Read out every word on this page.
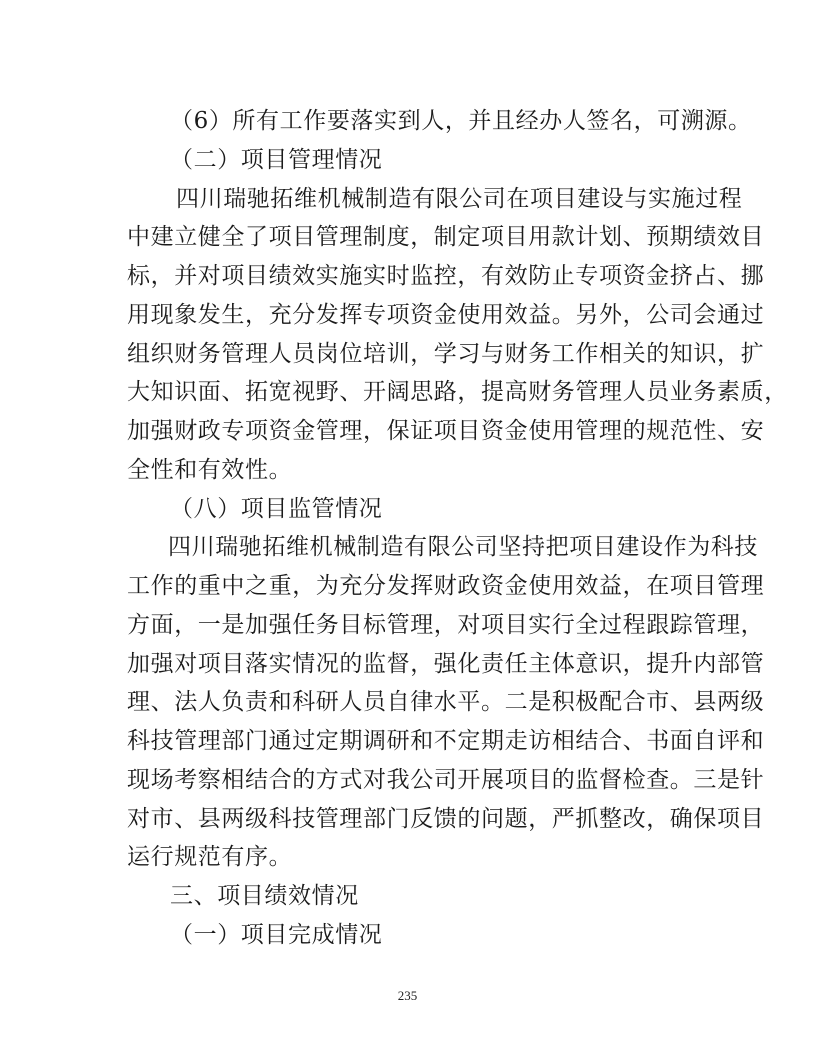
（6）所有工作要落实到人，并且经办人签名，可溯源。
（二）项目管理情况
四川瑞驰拓维机械制造有限公司在项目建设与实施过程
中建立健全了项目管理制度，制定项目用款计划、预期绩效目
标，并对项目绩效实施实时监控，有效防止专项资金挤占、挪
用现象发生，充分发挥专项资金使用效益。另外，公司会通过
组织财务管理人员岗位培训，学习与财务工作相关的知识，扩
大知识面、拓宽视野、开阔思路，提高财务管理人员业务素质，
加强财政专项资金管理，保证项目资金使用管理的规范性、安
全性和有效性。
（八）项目监管情况
四川瑞驰拓维机械制造有限公司坚持把项目建设作为科技
工作的重中之重，为充分发挥财政资金使用效益，在项目管理
方面，一是加强任务目标管理，对项目实行全过程跟踪管理，
加强对项目落实情况的监督，强化责任主体意识，提升内部管
理、法人负责和科研人员自律水平。二是积极配合市、县两级
科技管理部门通过定期调研和不定期走访相结合、书面自评和
现场考察相结合的方式对我公司开展项目的监督检查。三是针
对市、县两级科技管理部门反馈的问题，严抓整改，确保项目
运行规范有序。
三、项目绩效情况
（一）项目完成情况
235
